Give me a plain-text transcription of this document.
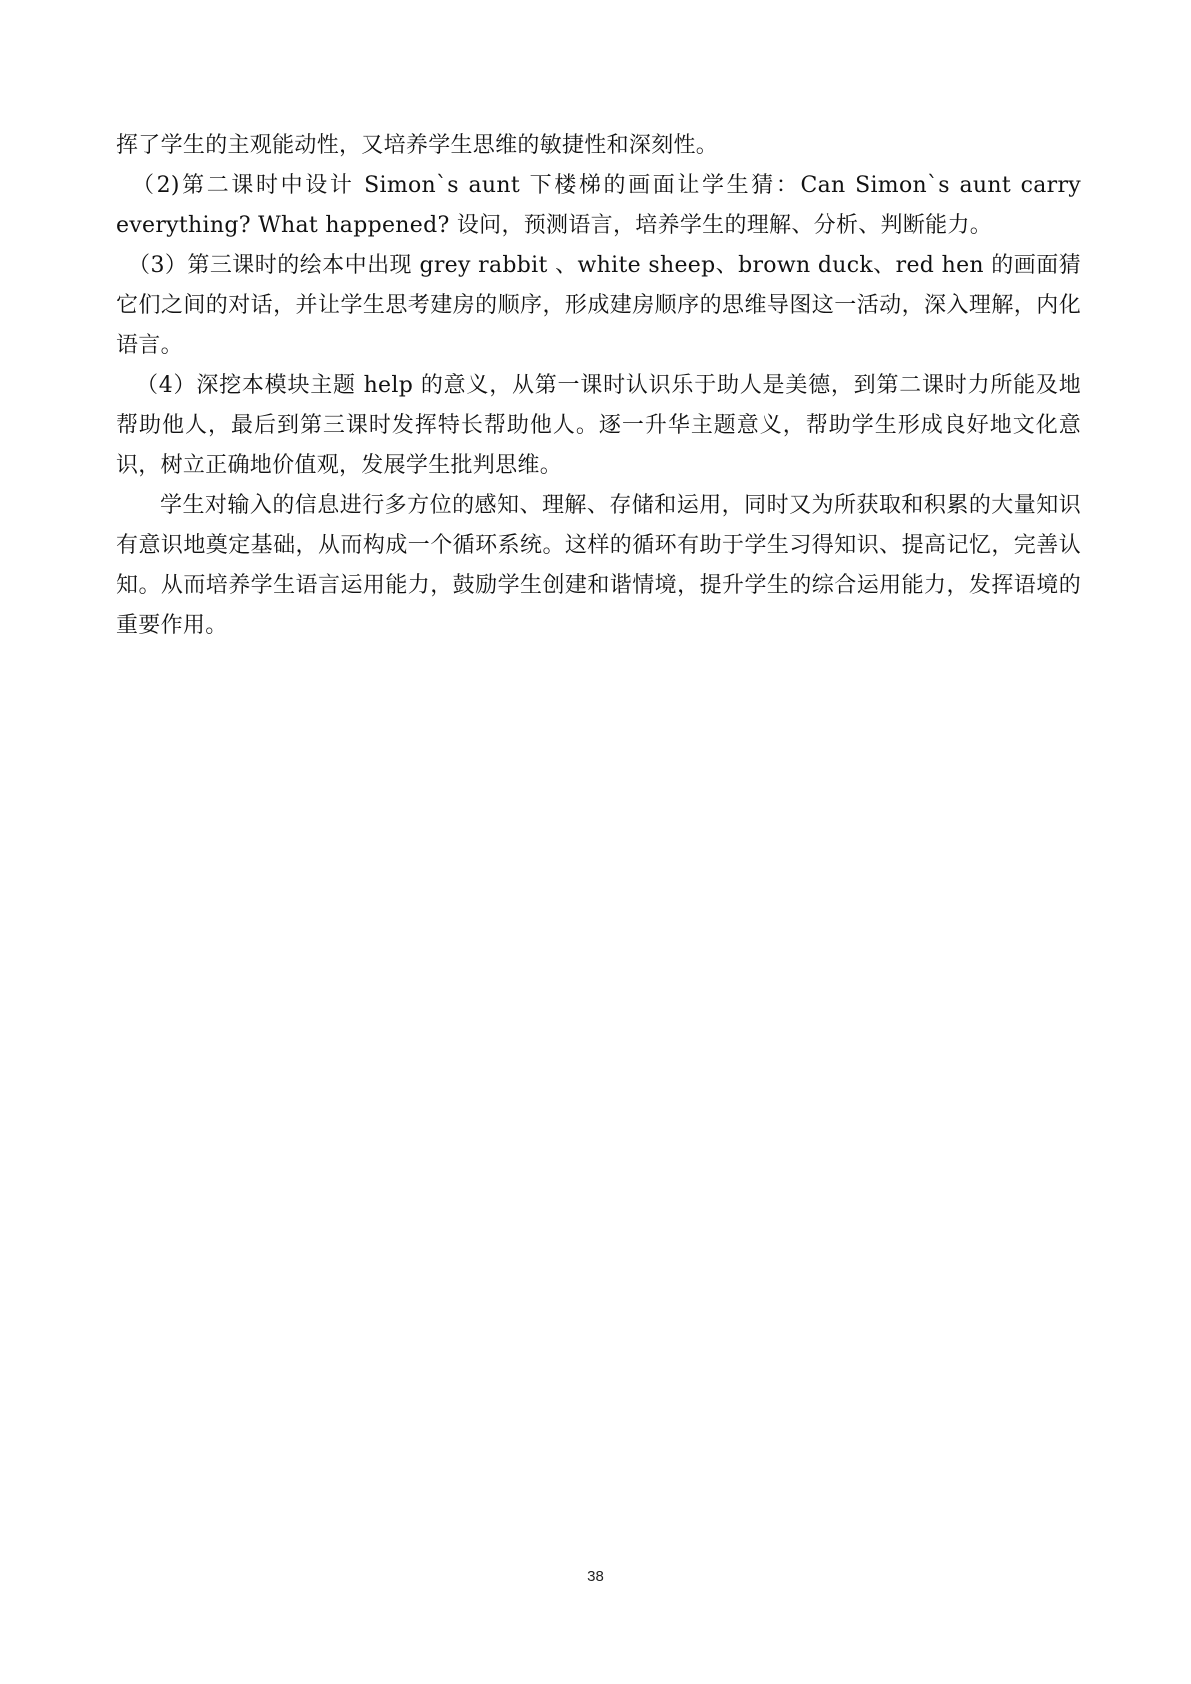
挥了学生的主观能动性，又培养学生思维的敏捷性和深刻性。

（2)第二课时中设计 Simon`s aunt 下楼梯的画面让学生猜：Can Simon`s aunt carry everything? What happened? 设问，预测语言，培养学生的理解、分析、判断能力。

（3）第三课时的绘本中出现 grey rabbit 、white sheep、brown duck、red hen 的画面猜它们之间的对话，并让学生思考建房的顺序，形成建房顺序的思维导图这一活动，深入理解，内化语言。

（4）深挖本模块主题 help 的意义，从第一课时认识乐于助人是美德，到第二课时力所能及地帮助他人，最后到第三课时发挥特长帮助他人。逐一升华主题意义，帮助学生形成良好地文化意识，树立正确地价值观，发展学生批判思维。

学生对输入的信息进行多方位的感知、理解、存储和运用，同时又为所获取和积累的大量知识有意识地奠定基础，从而构成一个循环系统。这样的循环有助于学生习得知识、提高记忆，完善认知。从而培养学生语言运用能力，鼓励学生创建和谐情境，提升学生的综合运用能力，发挥语境的重要作用。

38
